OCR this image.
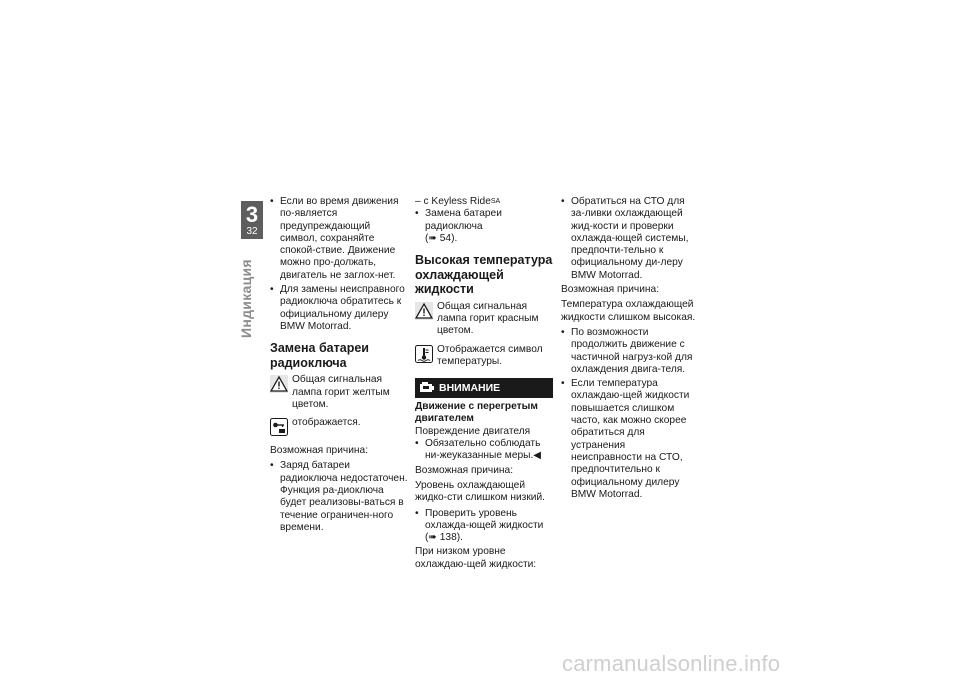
3
32
Индикация

• Если во время движения по-является предупреждающий символ, сохраняйте спокой-ствие. Движение можно про-должать, двигатель не заглох-нет.

• Для замены неисправного радиоключа обратитесь к официальному дилеру BMW Motorrad.

Замена батареи радиоключа
Общая сигнальная лампа горит желтым цветом.
отображается.

Возможная причина:

• Заряд батареи радиоключа недостаточен. Функция ра-диоключа будет реализовы-ваться в течение ограничен-ного времени.

– с Keyless Ride$^{SA}$

• Замена батареи радиоключа

(➠ 54).

Высокая температура охлаждающей жидкости
Общая сигнальная лампа горит красным цветом.
Отображается символ температуры.
ВНИМАНИЕ

Движение с перегретым двигателем

Повреждение двигателя

• Обязательно соблюдать ни-жеуказанные меры.◀

Возможная причина:

Уровень охлаждающей жидко-сти слишком низкий.

• Проверить уровень охлажда-ющей жидкости (➠ 138).

При низком уровне охлаждаю-щей жидкости:

• Обратиться на СТО для за-ливки охлаждающей жид-кости и проверки охлажда-ющей системы, предпочти-тельно к официальному ди-леру BMW Motorrad.

Возможная причина:

Температура охлаждающей жидкости слишком высокая.

• По возможности продолжить движение с частичной нагруз-кой для охлаждения двига-теля.

• Если температура охлаждаю-щей жидкости повышается слишком часто, как можно скорее обратиться для устранения неисправности на СТО, предпочтительно к официальному дилеру BMW Motorrad.

carmanualsonline.info
